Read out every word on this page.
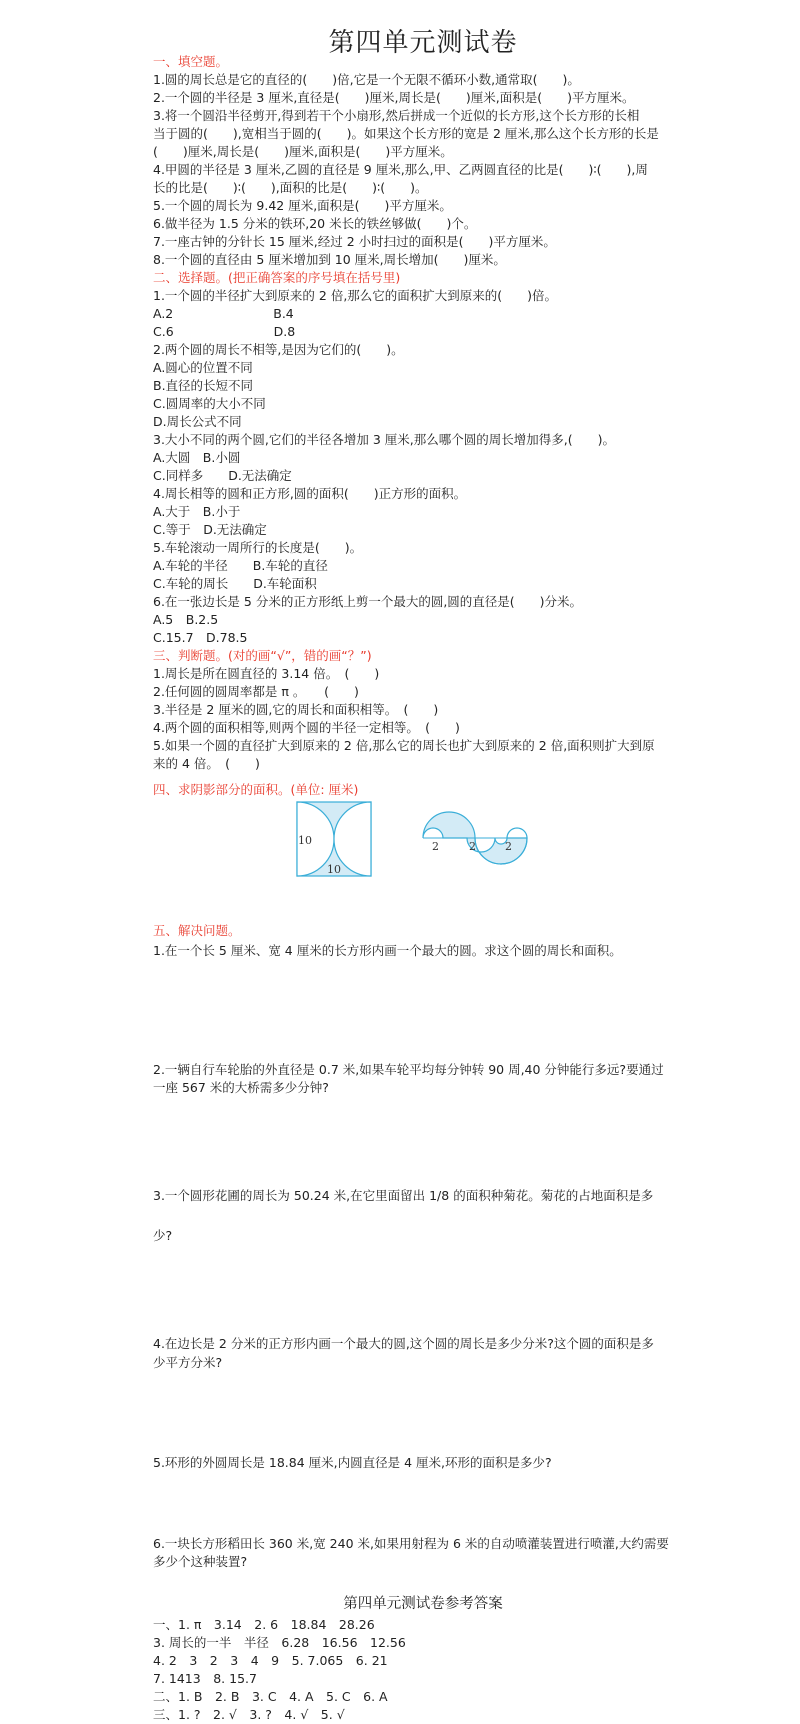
第四单元测试卷
一、填空题。
1.圆的周长总是它的直径的(　　)倍,它是一个无限不循环小数,通常取(　　)。
2.一个圆的半径是 3 厘米,直径是(　　)厘米,周长是(　　)厘米,面积是(　　)平方厘米。
3.将一个圆沿半径剪开,得到若干个小扇形,然后拼成一个近似的长方形,这个长方形的长相
当于圆的(　　),宽相当于圆的(　　)。如果这个长方形的宽是 2 厘米,那么这个长方形的长是
(　　)厘米,周长是(　　)厘米,面积是(　　)平方厘米。
4.甲圆的半径是 3 厘米,乙圆的直径是 9 厘米,那么,甲、乙两圆直径的比是(　　)∶(　　),周
长的比是(　　)∶(　　),面积的比是(　　)∶(　　)。
5.一个圆的周长为 9.42 厘米,面积是(　　)平方厘米。
6.做半径为 1.5 分米的铁环,20 米长的铁丝够做(　　)个。
7.一座古钟的分针长 15 厘米,经过 2 小时扫过的面积是(　　)平方厘米。
8.一个圆的直径由 5 厘米增加到 10 厘米,周长增加(　　)厘米。
二、选择题。(把正确答案的序号填在括号里)
1.一个圆的半径扩大到原来的 2 倍,那么它的面积扩大到原来的(　　)倍。
A.2　　　　　　　　B.4
C.6　　　　　　　　D.8
2.两个圆的周长不相等,是因为它们的(　　)。
A.圆心的位置不同
B.直径的长短不同
C.圆周率的大小不同
D.周长公式不同
3.大小不同的两个圆,它们的半径各增加 3 厘米,那么哪个圆的周长增加得多,(　　)。
A.大圆　B.小圆
C.同样多　　D.无法确定
4.周长相等的圆和正方形,圆的面积(　　)正方形的面积。
A.大于　B.小于
C.等于　D.无法确定
5.车轮滚动一周所行的长度是(　　)。
A.车轮的半径　　B.车轮的直径
C.车轮的周长　　D.车轮面积
6.在一张边长是 5 分米的正方形纸上剪一个最大的圆,圆的直径是(　　)分米。
A.5　B.2.5
C.15.7　D.78.5
三、判断题。(对的画“√”，错的画“？”)
1.周长是所在圆直径的 3.14 倍。　(　　)
2.任何圆的圆周率都是 π 。　　(　　)
3.半径是 2 厘米的圆,它的周长和面积相等。　(　　)
4.两个圆的面积相等,则两个圆的半径一定相等。　(　　)
5.如果一个圆的直径扩大到原来的 2 倍,那么它的周长也扩大到原来的 2 倍,面积则扩大到原
来的 4 倍。　(　　)
四、求阴影部分的面积。(单位: 厘米)
10
10
2	2	2
五、解决问题。
1.在一个长 5 厘米、宽 4 厘米的长方形内画一个最大的圆。求这个圆的周长和面积。
2.一辆自行车轮胎的外直径是 0.7 米,如果车轮平均每分钟转 90 周,40 分钟能行多远?要通过
一座 567 米的大桥需多少分钟?
3.一个圆形花圃的周长为 50.24 米,在它里面留出 1/8 的面积种菊花。菊花的占地面积是多
少?
4.在边长是 2 分米的正方形内画一个最大的圆,这个圆的周长是多少分米?这个圆的面积是多
少平方分米?
5.环形的外圆周长是 18.84 厘米,内圆直径是 4 厘米,环形的面积是多少?
6.一块长方形稻田长 360 米,宽 240 米,如果用射程为 6 米的自动喷灌装置进行喷灌,大约需要
多少个这种装置?
第四单元测试卷参考答案
一、1. π　3.14　2. 6　18.84　28.26
3. 周长的一半　半径　6.28　16.56　12.56
4. 2　3　2　3　4　9　5. 7.065　6. 21
7. 1413　8. 15.7
二、1. B　2. B　3. C　4. A　5. C　6. A
三、1. ?　2. √　3. ?　4. √　5. √
